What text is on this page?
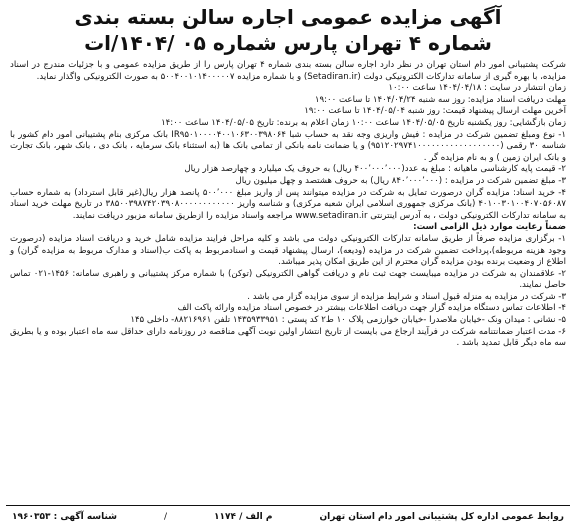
آگهی مزایده عمومی اجاره سالن بسته بندی
شماره ۴ تهران پارس شماره ۰۵ /۱۴۰۴/ات

شرکت پشتیبانی امور دام استان تهران در نظر دارد اجاره سالن بسته بندی شماره ۴ تهران پارس را از طریق مزایده عمومی و با جزئیات مندرج در اسناد مزایده، با بهره گیری از سامانه تدارکات الکترونیکی دولت (Setadiran.ir) و با شماره مزایده ۵۰۰۴۰۰۱۰۱۴۰۰۰۰۰۷ به صورت الکترونیکی واگذار نماید.

زمان انتشار در سایت : ۱۴۰۴/۰۴/۱۸ ساعت ۱۰:۰۰

مهلت دریافت اسناد مزایده: روز سه شنبه ۱۴۰۴/۰۴/۲۴ تا ساعت ۱۹:۰۰

آخرین مهلت ارسال پیشنهاد قیمت: روز شنبه ۱۴۰۴/۰۵/۰۴ تا ساعت ۱۹:۰۰

زمان بازگشایی: روز یکشنبه تاریخ ۱۴۰۴/۰۵/۰۵ ساعت ۱۰:۰۰ زمان اعلام به برنده: تاریخ ۱۴۰۴/۰۵/۰۵ ساعت ۱۴:۰۰

۱- نوع ومبلغ تضمین شرکت در مزایده : فیش واریزی وجه نقد به حساب شبا IR۹۵۰۱۰۰۰۰۴۰۰۱۰۶۳۰۰۳۹۸۰۶۴ بانک مرکزی بنام پشتیبانی امور دام کشور با شناسه ۳۰ رقمی (۹۵۱۲۰۲۹۷۴۱۰۰۰۰۰۰۰۰۰۰۰۰۰۰۰۰۰۰) و یا ضمانت نامه بانکی از تمامی بانک ها (به استثناء بانک سرمایه ، بانک دی ، بانک شهر، بانک تجارت و بانک ایران زمین ) و به نام مزایده گر .

۲- قیمت پایه کارشناسی ماهیانه : مبلغ به عدد(۴۰۰٬۰۰۰٬۰۰۰ ریال) به حروف یک میلیارد و چهارصد هزار ریال

۳- مبلغ تضمین شرکت در مزایده : (۸۴۰٬۰۰۰٬۰۰۰ ریال) به حروف هشتصد و چهل میلیون ریال

۴- خرید اسناد: مزایده گران درصورت تمایل به شرکت در مزایده میتوانند پس از واریز مبلغ ۵۰۰٬۰۰۰ پانصد هزار ریال(غیر قابل استرداد) به شماره حساب ۴۰۱۰۰۳۰۱۰۰۴۰۷۰۵۶۰۸۷ (بانک مرکزی جمهوری اسلامی ایران شعبه مرکزی) و شناسه واریز ۳۸۵۰۰۳۹۸۷۴۲۰۳۹۰۸۰۰۰۰۰۰۰۰۰۰۰۰ در تاریخ مهلت خرید اسناد به سامانه تدارکات الکترونیکی دولت ، به آدرس اینترنتی www.setadiran.ir مراجعه واسناد مزایده را ازطریق سامانه مزبور دریافت نمایند.

ضمناً رعایت موارد ذیل الزامی است:

۱- برگزاری مزایده صرفاً از طریق سامانه تدارکات الکترونیکی دولت می باشد و کلیه مراحل فرایند مزایده شامل خرید و دریافت اسناد مزایده (درصورت وجود هزینه مربوطه)،پرداخت تضمین شرکت در مزایده (ودیعه)، ارسال پیشنهاد قیمت و اسنادمربوط به پاکت ب(اسناد و مدارک مربوط به مزایده گران) و اطلاع از وضعیت برنده بودن مزایده گران محترم از این طریق امکان پذیر میباشد.

۲- علاقمندان به شرکت در مزایده میبایست جهت ثبت نام و دریافت گواهی الکترونیکی (توکن) با شماره مرکز پشتیبانی و راهبری سامانه: ۱۴۵۶-۰۲۱ تماس حاصل نمایند.

۳- شرکت در مزایده به منزله قبول اسناد و شرایط مزایده از سوی مزایده گزار می باشد .

۴- اطلاعات تماس دستگاه مزایده گزار جهت دریافت اطلاعات بیشتر در خصوص اسناد مزایده وارائه پاکت الف

۵- نشانی : میدان ونک -خیابان ملاصدرا -خیابان خوارزمی پلاک ۱۰ ط۲ کد پستی : ۱۴۳۵۹۳۳۹۵۱ تلفن ۸۸۲۱۶۹۶۱- داخلی ۱۴۵

۶- مدت اعتبار ضمانتنامه شرکت در فرآیند ارجاع می بایست از تاریخ انتشار اولین نوبت آگهی مناقصه در روزنامه دارای حداقل سه ماه اعتبار بوده و یا بطریق سه ماه دیگر قابل تمدید باشد .

روابط عمومی اداره کل پشتیبانی امور دام استان تهران
م الف / ۱۱۷۴
/
شناسه آگهی : ۱۹۶۰۳۵۳
